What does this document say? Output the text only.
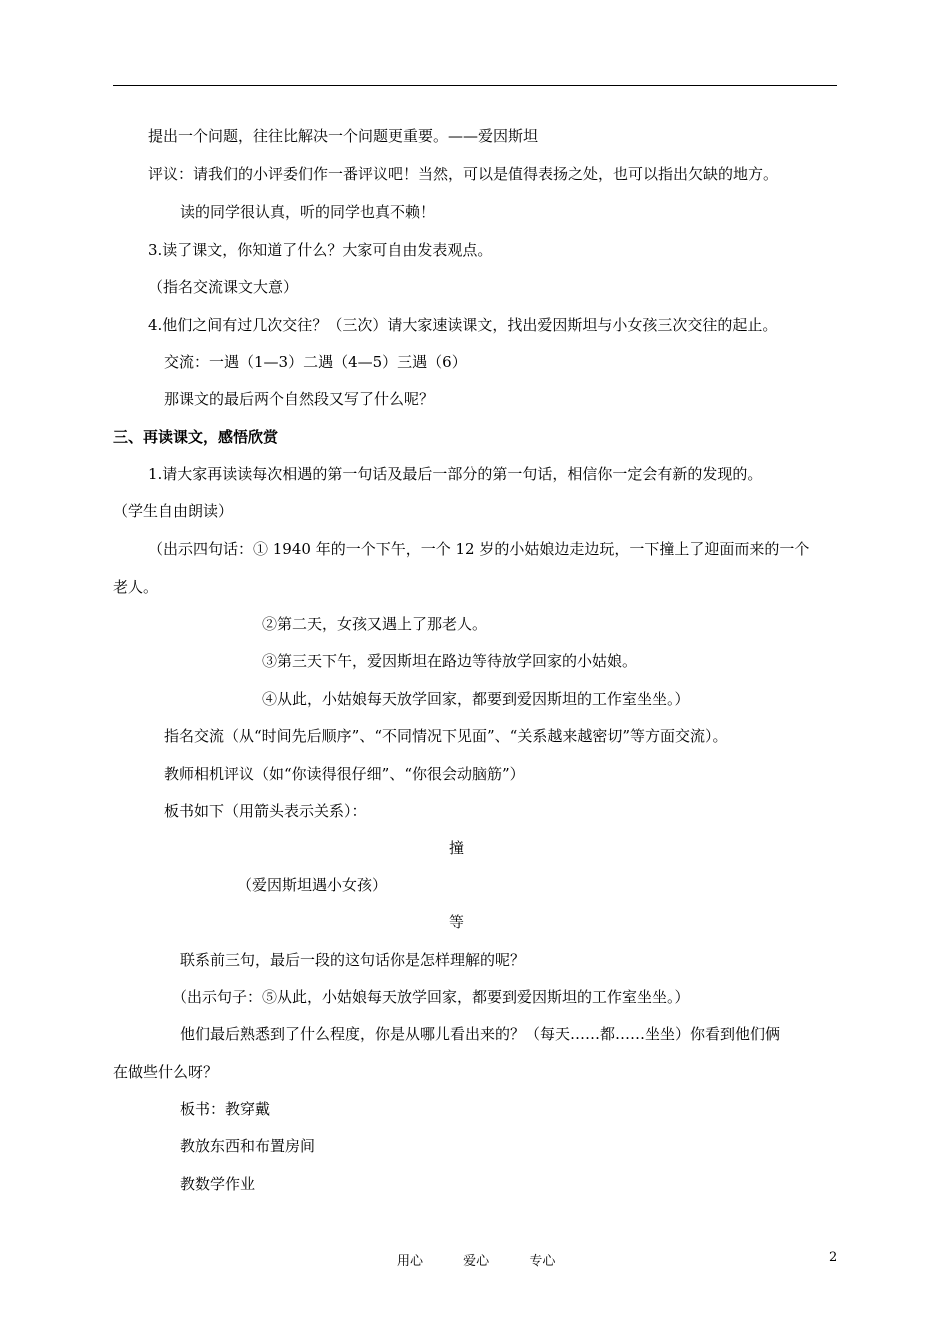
提出一个问题，往往比解决一个问题更重要。——爱因斯坦
评议：请我们的小评委们作一番评议吧！当然，可以是值得表扬之处，也可以指出欠缺的地方。
读的同学很认真，听的同学也真不赖！
3.读了课文，你知道了什么？大家可自由发表观点。
（指名交流课文大意）
4.他们之间有过几次交往？（三次）请大家速读课文，找出爱因斯坦与小女孩三次交往的起止。
交流：一遇（1—3）二遇（4—5）三遇（6）
那课文的最后两个自然段又写了什么呢？
三、再读课文，感悟欣赏
1.请大家再读读每次相遇的第一句话及最后一部分的第一句话，相信你一定会有新的发现的。
（学生自由朗读）
（出示四句话：① 1940 年的一个下午，一个 12 岁的小姑娘边走边玩，一下撞上了迎面而来的一个
老人。
②第二天，女孩又遇上了那老人。
③第三天下午，爱因斯坦在路边等待放学回家的小姑娘。
④从此，小姑娘每天放学回家，都要到爱因斯坦的工作室坐坐。）
指名交流（从“时间先后顺序”、“不同情况下见面”、“关系越来越密切”等方面交流）。
教师相机评议（如“你读得很仔细”、“你很会动脑筋”）
板书如下（用箭头表示关系）：
撞
（爱因斯坦遇小女孩）
等
联系前三句，最后一段的这句话你是怎样理解的呢？
（出示句子：⑤从此，小姑娘每天放学回家，都要到爱因斯坦的工作室坐坐。）
他们最后熟悉到了什么程度，你是从哪儿看出来的？（每天……都……坐坐）你看到他们俩
在做些什么呀？
板书：教穿戴
教放东西和布置房间
教数学作业
用心	爱心	专心	2
